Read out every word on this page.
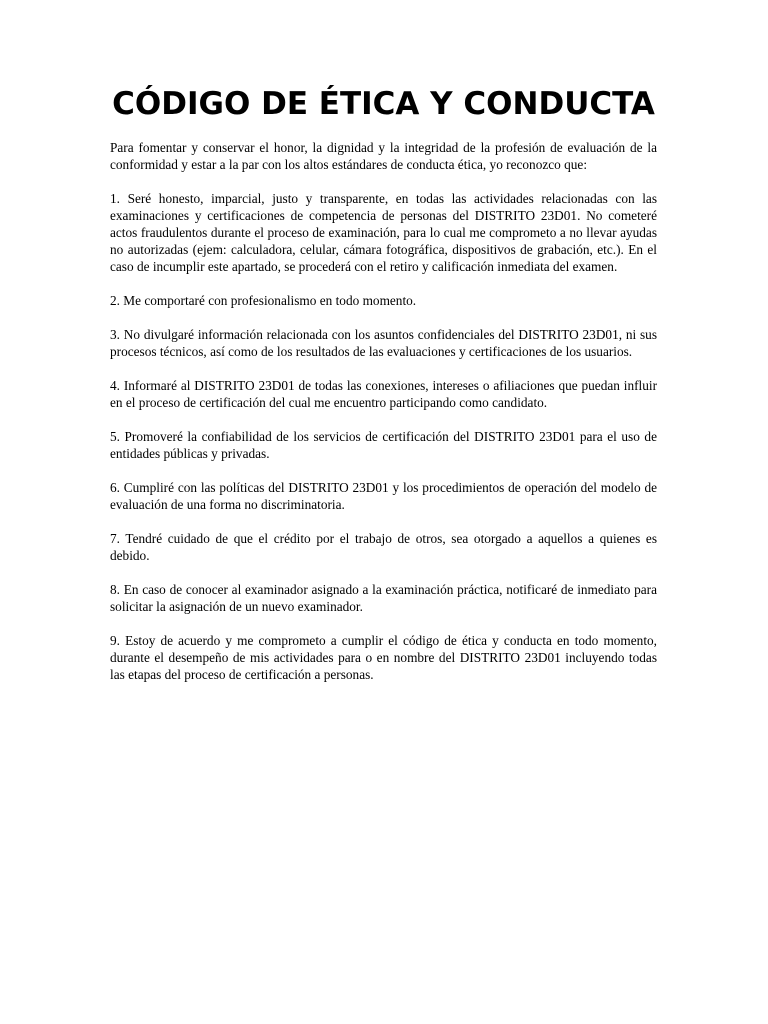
CÓDIGO DE ÉTICA Y CONDUCTA

Para fomentar y conservar el honor, la dignidad y la integridad de la profesión de evaluación de la conformidad y estar a la par con los altos estándares de conducta ética, yo reconozco que:

1. Seré honesto, imparcial, justo y transparente, en todas las actividades relacionadas con las examinaciones y certificaciones de competencia de personas del DISTRITO 23D01. No cometeré actos fraudulentos durante el proceso de examinación, para lo cual me comprometo a no llevar ayudas no autorizadas (ejem: calculadora, celular, cámara fotográfica, dispositivos de grabación, etc.). En el caso de incumplir este apartado, se procederá con el retiro y calificación inmediata del examen.

2. Me comportaré con profesionalismo en todo momento.

3. No divulgaré información relacionada con los asuntos confidenciales del DISTRITO 23D01, ni sus procesos técnicos, así como de los resultados de las evaluaciones y certificaciones de los usuarios.

4. Informaré al DISTRITO 23D01 de todas las conexiones, intereses o afiliaciones que puedan influir en el proceso de certificación del cual me encuentro participando como candidato.

5. Promoveré la confiabilidad de los servicios de certificación del DISTRITO 23D01 para el uso de entidades públicas y privadas.

6. Cumpliré con las políticas del DISTRITO 23D01 y los procedimientos de operación del modelo de evaluación de una forma no discriminatoria.

7. Tendré cuidado de que el crédito por el trabajo de otros, sea otorgado a aquellos a quienes es debido.

8. En caso de conocer al examinador asignado a la examinación práctica, notificaré de inmediato para solicitar la asignación de un nuevo examinador.

9. Estoy de acuerdo y me comprometo a cumplir el código de ética y conducta en todo momento, durante el desempeño de mis actividades para o en nombre del DISTRITO 23D01 incluyendo todas las etapas del proceso de certificación a personas.
